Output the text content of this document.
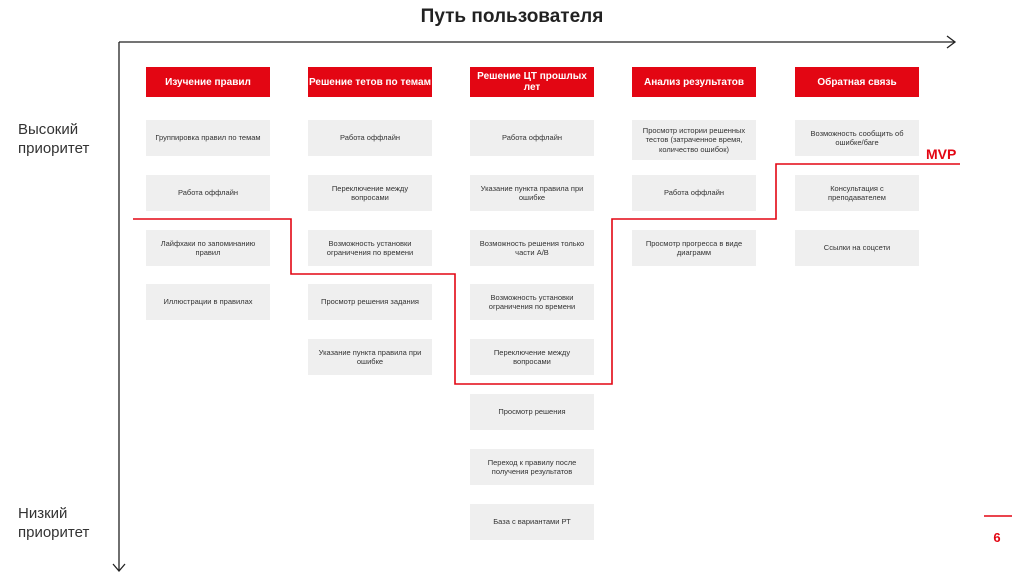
Путь пользователя
Высокий
приоритет
Низкий
приоритет
MVP
6
Изучение правил
Группировка правил по темам
Работа оффлайн
Лайфхаки по запоминанию правил
Иллюстрации в правилах
Решение тетов по темам
Работа оффлайн
Переключение между вопросами
Возможность установки ограничения по времени
Просмотр решения задания
Указание пункта правила при ошибке
Решение ЦТ прошлых лет
Работа оффлайн
Указание пункта правила при ошибке
Возможность решения только части А/В
Возможность установки ограничения по времени
Переключение между вопросами
Просмотр решения
Переход к правилу после получения результатов
База с вариантами РТ
Анализ результатов
Просмотр истории решенных тестов (затраченное время, количество ошибок)
Работа оффлайн
Просмотр прогресса в виде диаграмм
Обратная связь
Возможность сообщить об ошибке/баге
Консультация с преподавателем
Ссылки на соцсети
